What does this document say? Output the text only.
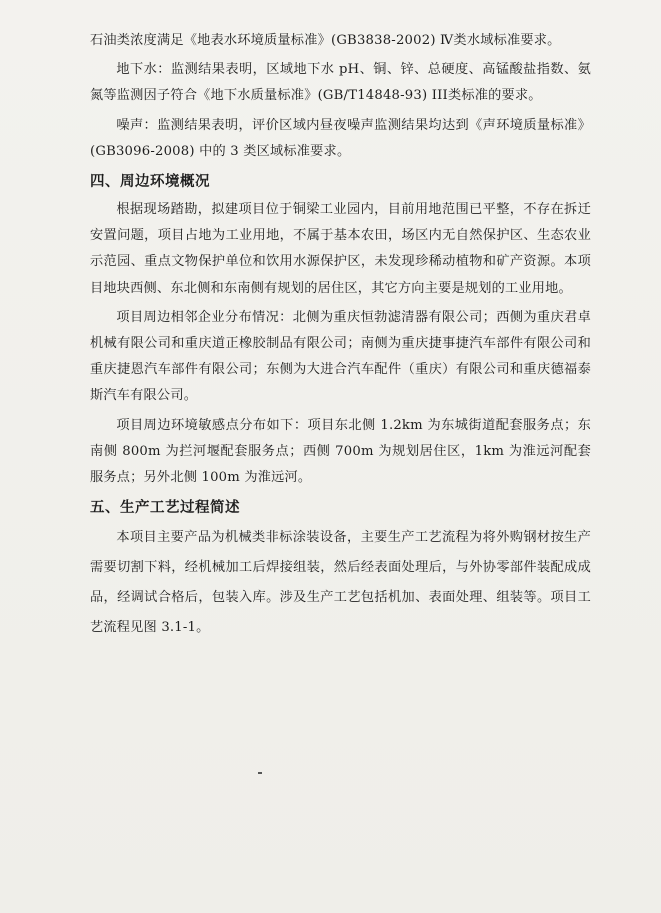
石油类浓度满足《地表水环境质量标准》(GB3838-2002) Ⅳ类水域标准要求。

地下水：监测结果表明，区域地下水 pH、铜、锌、总硬度、高锰酸盐指数、氨氮等监测因子符合《地下水质量标准》(GB/T14848-93) III类标准的要求。

噪声：监测结果表明，评价区域内昼夜噪声监测结果均达到《声环境质量标准》(GB3096-2008) 中的 3 类区域标准要求。

四、周边环境概况

根据现场踏勘，拟建项目位于铜梁工业园内，目前用地范围已平整，不存在拆迁安置问题，项目占地为工业用地，不属于基本农田，场区内无自然保护区、生态农业示范园、重点文物保护单位和饮用水源保护区，未发现珍稀动植物和矿产资源。本项目地块西侧、东北侧和东南侧有规划的居住区，其它方向主要是规划的工业用地。

项目周边相邻企业分布情况：北侧为重庆恒勃滤清器有限公司；西侧为重庆君卓机械有限公司和重庆道正橡胶制品有限公司；南侧为重庆捷事捷汽车部件有限公司和重庆捷恩汽车部件有限公司；东侧为大进合汽车配件（重庆）有限公司和重庆德福泰斯汽车有限公司。

项目周边环境敏感点分布如下：项目东北侧 1.2km 为东城街道配套服务点；东南侧 800m 为拦河堰配套服务点；西侧 700m 为规划居住区，1km 为淮远河配套服务点；另外北侧 100m 为淮远河。

五、生产工艺过程简述

本项目主要产品为机械类非标涂装设备，主要生产工艺流程为将外购钢材按生产需要切割下料，经机械加工后焊接组装，然后经表面处理后，与外协零部件装配成成品，经调试合格后，包装入库。涉及生产工艺包括机加、表面处理、组装等。项目工艺流程见图 3.1-1。
